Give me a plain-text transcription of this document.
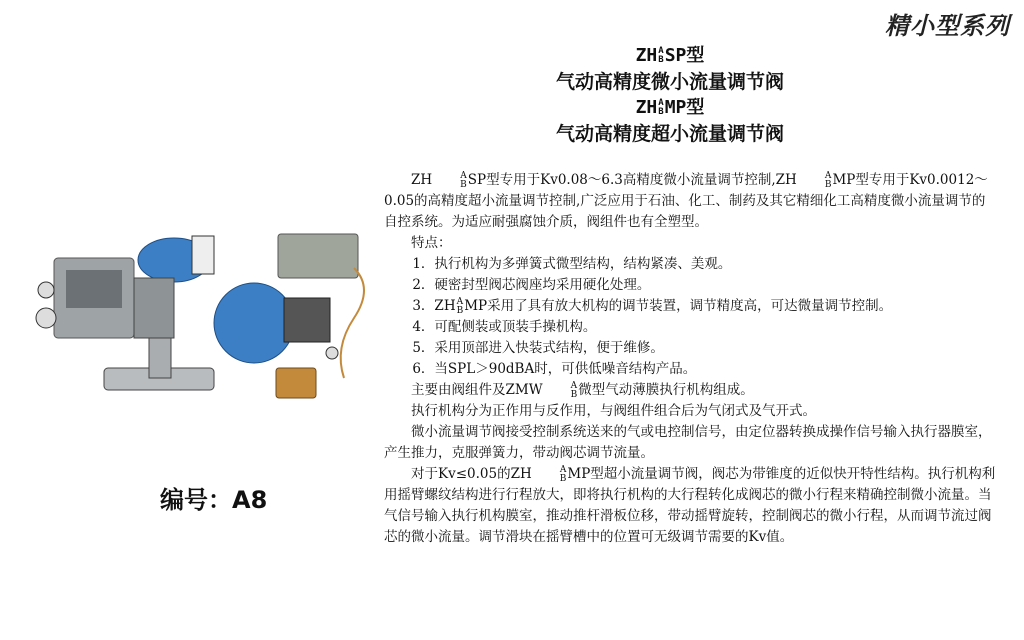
精小型系列
ZH A
B SP型
气动高精度微小流量调节阀
ZH A
B MP型
气动高精度超小流量调节阀
编号：A8

ZH	A
B SP型专用于Kv0.08～6.3高精度微小流量调节控制,ZH	A
B MP型专用于Kv0.0012～0.05的高精度超小流量调节控制,广泛应用于石油、化工、制药及其它精细化工高精度微小流量调节的自控系统。为适应耐强腐蚀介质，阀组件也有全塑型。

特点：

1．执行机构为多弹簧式微型结构，结构紧凑、美观。

2．硬密封型阀芯阀座均采用硬化处理。

3．ZH A
B MP采用了具有放大机构的调节装置，调节精度高，可达微量调节控制。

4．可配侧装或顶装手操机构。

5．采用顶部进入快装式结构，便于维修。

6．当SPL＞90dBA时，可供低噪音结构产品。

主要由阀组件及ZMW	A
B 微型气动薄膜执行机构组成。

执行机构分为正作用与反作用，与阀组件组合后为气闭式及气开式。

微小流量调节阀接受控制系统送来的气或电控制信号，由定位器转换成操作信号输入执行器膜室，产生推力，克服弹簧力，带动阀芯调节流量。

对于Kv≤0.05的ZH	A
B MP型超小流量调节阀，阀芯为带锥度的近似快开特性结构。执行机构利用摇臂螺纹结构进行行程放大，即将执行机构的大行程转化成阀芯的微小行程来精确控制微小流量。当气信号输入执行机构膜室，推动推杆滑板位移，带动摇臂旋转，控制阀芯的微小行程，从而调节流过阀芯的微小流量。调节滑块在摇臂槽中的位置可无级调节需要的Kv值。
